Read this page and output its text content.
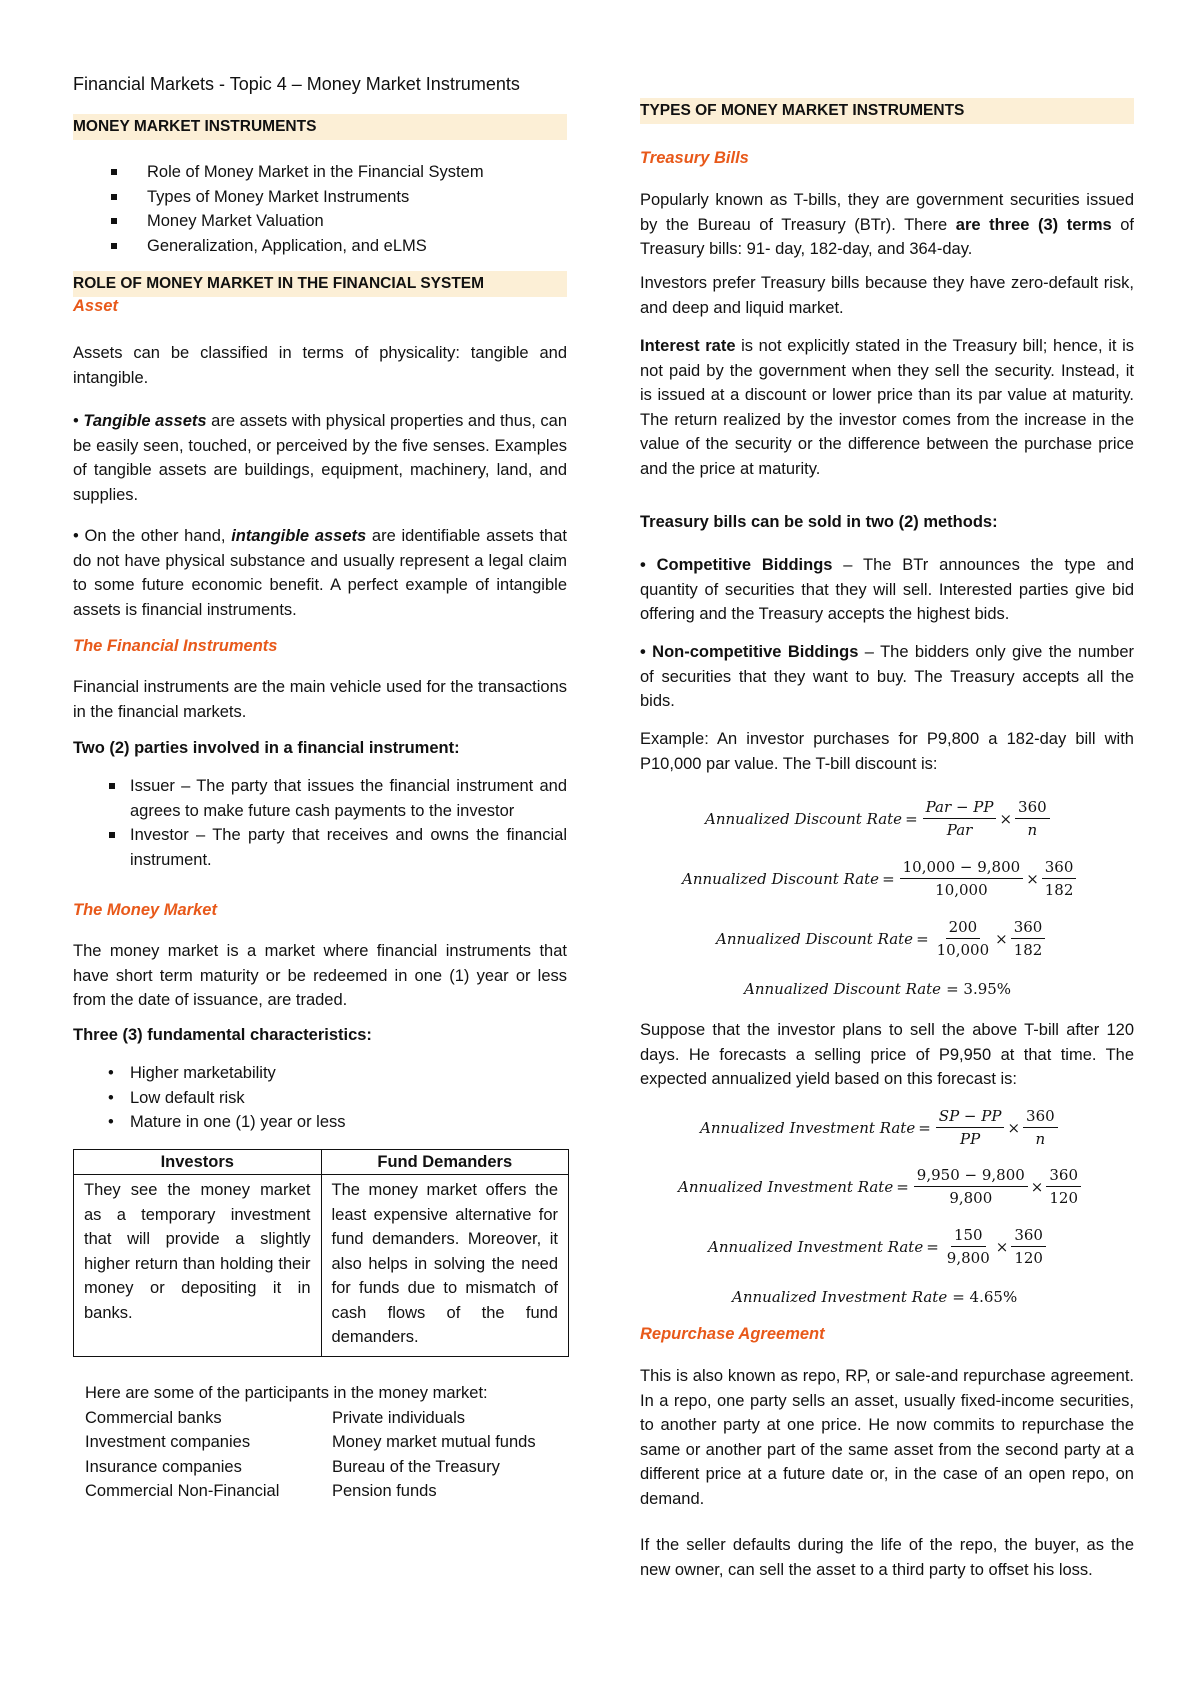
Financial Markets - Topic 4 – Money Market Instruments
MONEY MARKET INSTRUMENTS
Role of Money Market in the Financial System
Types of Money Market Instruments
Money Market Valuation
Generalization, Application, and eLMS
ROLE OF MONEY MARKET IN THE FINANCIAL SYSTEM
Asset
Assets can be classified in terms of physicality: tangible and intangible.
• Tangible assets are assets with physical properties and thus, can be easily seen, touched, or perceived by the five senses. Examples of tangible assets are buildings, equipment, machinery, land, and supplies.
• On the other hand, intangible assets are identifiable assets that do not have physical substance and usually represent a legal claim to some future economic benefit. A perfect example of intangible assets is financial instruments.
The Financial Instruments
Financial instruments are the main vehicle used for the transactions in the financial markets.
Two (2) parties involved in a financial instrument:
Issuer – The party that issues the financial instrument and agrees to make future cash payments to the investor
Investor – The party that receives and owns the financial instrument.
The Money Market
The money market is a market where financial instruments that have short term maturity or be redeemed in one (1) year or less from the date of issuance, are traded.
Three (3) fundamental characteristics:
• Higher marketability
• Low default risk
• Mature in one (1) year or less
Investors	Fund Demanders
They see the money market as a temporary investment that will provide a slightly higher return than holding their money or depositing it in banks.	The money market offers the least expensive alternative for fund demanders. Moreover, it also helps in solving the need for funds due to mismatch of cash flows of the fund demanders.
Here are some of the participants in the money market:
Commercial banks	Private individuals
Investment companies	Money market mutual funds
Insurance companies	Bureau of the Treasury
Commercial Non-Financial	Pension funds
TYPES OF MONEY MARKET INSTRUMENTS
Treasury Bills
Popularly known as T-bills, they are government securities issued by the Bureau of Treasury (BTr). There are three (3) terms of Treasury bills: 91- day, 182-day, and 364-day.
Investors prefer Treasury bills because they have zero-default risk, and deep and liquid market.
Interest rate is not explicitly stated in the Treasury bill; hence, it is not paid by the government when they sell the security. Instead, it is issued at a discount or lower price than its par value at maturity. The return realized by the investor comes from the increase in the value of the security or the difference between the purchase price and the price at maturity.
Treasury bills can be sold in two (2) methods:
• Competitive Biddings – The BTr announces the type and quantity of securities that they will sell. Interested parties give bid offering and the Treasury accepts the highest bids.
• Non-competitive Biddings – The bidders only give the number of securities that they want to buy. The Treasury accepts all the bids.
Example: An investor purchases for P9,800 a 182-day bill with P10,000 par value. The T-bill discount is:
Annualized Discount Rate = $\frac{\text{Par − PP}}{\text{Par}} \times \frac{360}{n}$
Annualized Discount Rate = $\frac{10,000 - 9,800}{10,000} \times \frac{360}{182}$
Annualized Discount Rate = $\frac{200}{10,000} \times \frac{360}{182}$
Annualized Discount Rate = 3.95%
Suppose that the investor plans to sell the above T-bill after 120 days. He forecasts a selling price of P9,950 at that time. The expected annualized yield based on this forecast is:
Annualized Investment Rate = $\frac{SP - PP}{PP} \times \frac{360}{n}$
Annualized Investment Rate = $\frac{9,950 - 9,800}{9,800} \times \frac{360}{120}$
Annualized Investment Rate = $\frac{150}{9,800} \times \frac{360}{120}$
Annualized Investment Rate = 4.65%
Repurchase Agreement
This is also known as repo, RP, or sale-and repurchase agreement. In a repo, one party sells an asset, usually fixed-income securities, to another party at one price. He now commits to repurchase the same or another part of the same asset from the second party at a different price at a future date or, in the case of an open repo, on demand.
If the seller defaults during the life of the repo, the buyer, as the new owner, can sell the asset to a third party to offset his loss.
